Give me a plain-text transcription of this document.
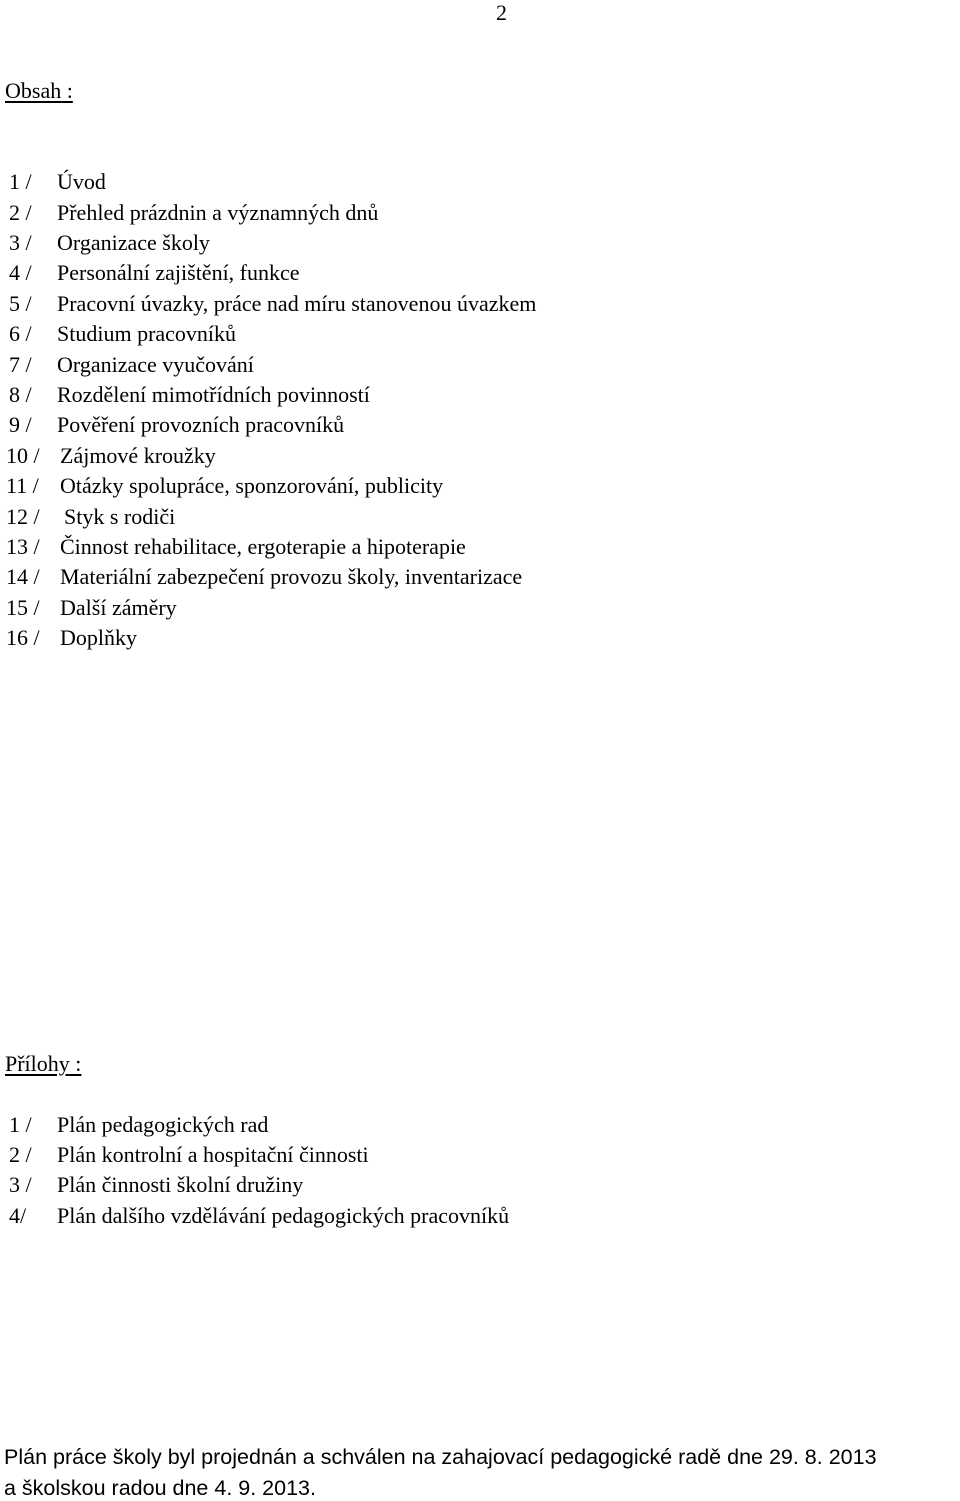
2
Obsah :
1 / Úvod
2 / Přehled prázdnin a významných dnů
3 / Organizace školy
4 / Personální zajištění, funkce
5 / Pracovní úvazky, práce nad míru stanovenou úvazkem
6 / Studium pracovníků
7 / Organizace vyučování
8 / Rozdělení mimotřídních povinností
9 / Pověření provozních pracovníků
10 / Zájmové kroužky
11 / Otázky spolupráce, sponzorování, publicity
12 / Styk s rodiči
13 / Činnost rehabilitace, ergoterapie a hipoterapie
14 / Materiální zabezpečení provozu školy, inventarizace
15 / Další záměry
16 / Doplňky
Přílohy :
1 / Plán pedagogických rad
2 / Plán kontrolní a hospitační činnosti
3 / Plán činnosti školní družiny
4/ Plán dalšího vzdělávání pedagogických pracovníků
Plán práce školy byl projednán a schválen na zahajovací pedagogické radě dne 29. 8. 2013
a školskou radou dne 4. 9. 2013.
